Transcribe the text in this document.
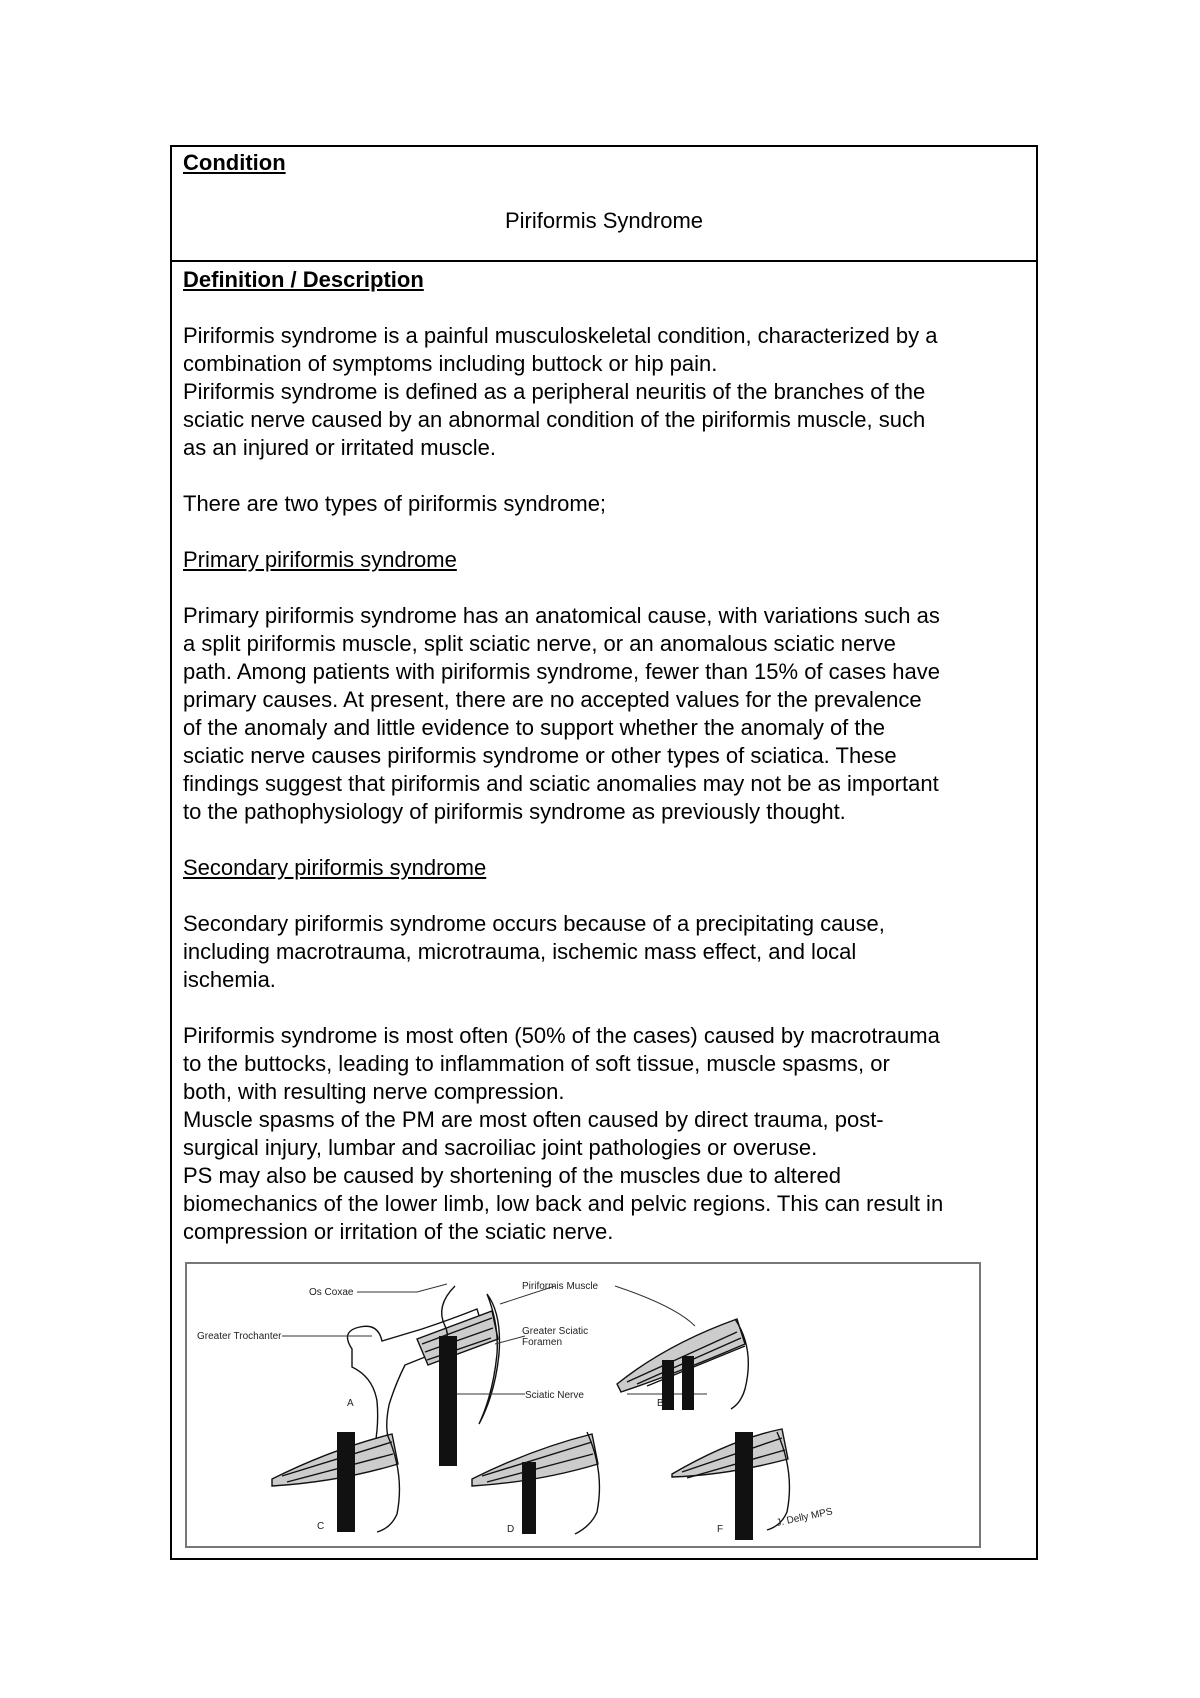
Condition
Piriformis Syndrome
Definition / Description

Piriformis syndrome is a painful musculoskeletal condition, characterized by a

combination of symptoms including buttock or hip pain.

Piriformis syndrome is defined as a peripheral neuritis of the branches of the

sciatic nerve caused by an abnormal condition of the piriformis muscle, such

as an injured or irritated muscle.

There are two types of piriformis syndrome;

Primary piriformis syndrome

Primary piriformis syndrome has an anatomical cause, with variations such as

a split piriformis muscle, split sciatic nerve, or an anomalous sciatic nerve

path. Among patients with piriformis syndrome, fewer than 15% of cases have

primary causes. At present, there are no accepted values for the prevalence

of the anomaly and little evidence to support whether the anomaly of the

sciatic nerve causes piriformis syndrome or other types of sciatica. These

findings suggest that piriformis and sciatic anomalies may not be as important

to the pathophysiology of piriformis syndrome as previously thought.

Secondary piriformis syndrome

Secondary piriformis syndrome occurs because of a precipitating cause,

including macrotrauma, microtrauma, ischemic mass effect, and local

ischemia.

Piriformis syndrome is most often (50% of the cases) caused by macrotrauma

to the buttocks, leading to inflammation of soft tissue, muscle spasms, or

both, with resulting nerve compression.

Muscle spasms of the PM are most often caused by direct trauma, post-

surgical injury, lumbar and sacroiliac joint pathologies or overuse.

PS may also be caused by shortening of the muscles due to altered

biomechanics of the lower limb, low back and pelvic regions. This can result in

compression or irritation of the sciatic nerve.

Os Coxae
Greater Trochanter
Piriformis Muscle
Greater Sciatic
Foramen
Sciatic Nerve
A	B
C	D	F
J. Delly MPS
